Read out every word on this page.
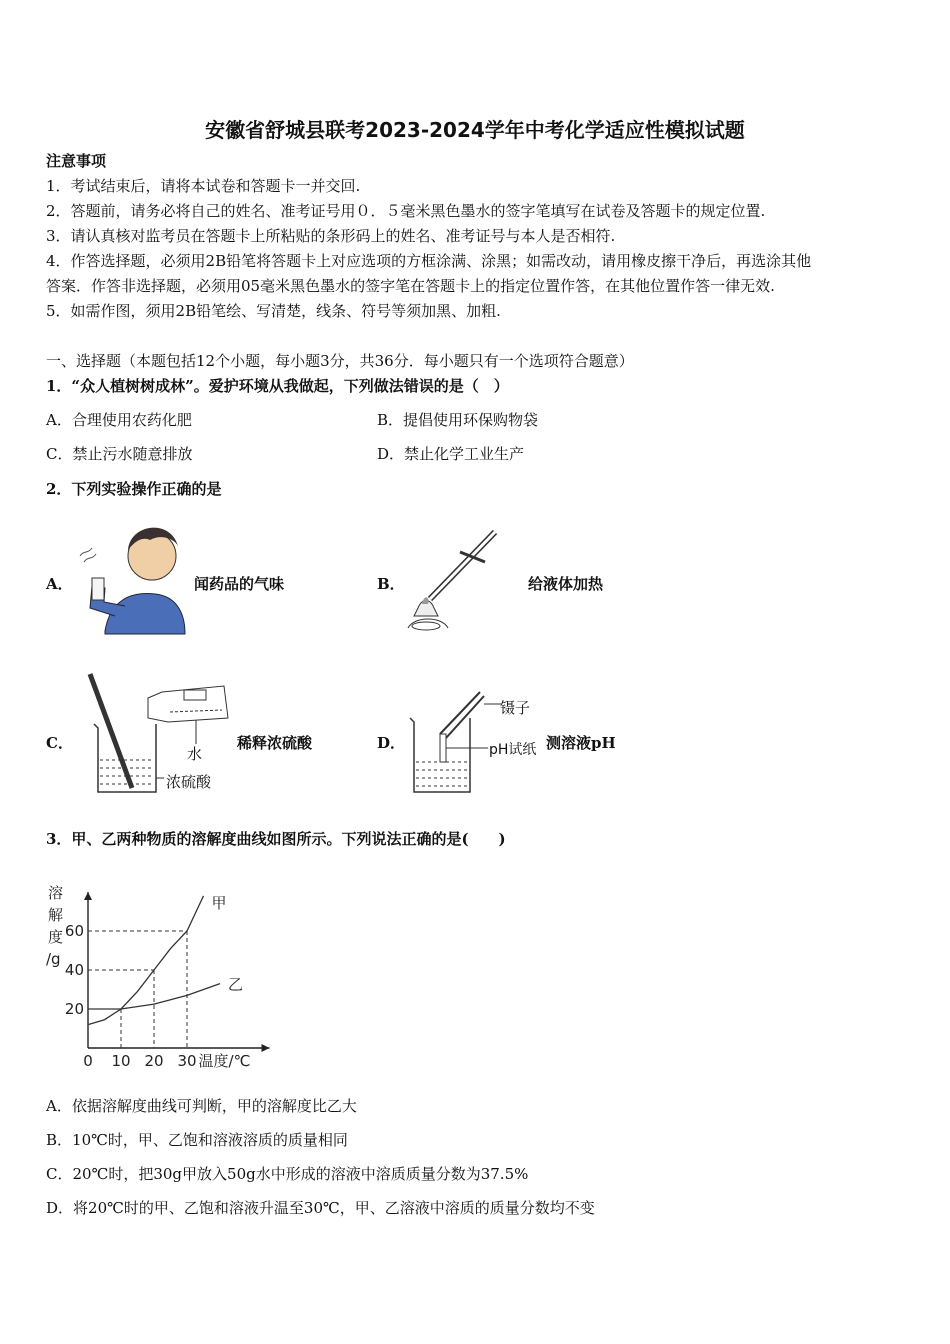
安徽省舒城县联考2023-2024学年中考化学适应性模拟试题
注意事项
1．考试结束后，请将本试卷和答题卡一并交回.
2．答题前，请务必将自己的姓名、准考证号用０．５毫米黑色墨水的签字笔填写在试卷及答题卡的规定位置.
3．请认真核对监考员在答题卡上所粘贴的条形码上的姓名、准考证号与本人是否相符.
4．作答选择题，必须用2B铅笔将答题卡上对应选项的方框涂满、涂黑；如需改动，请用橡皮擦干净后，再选涂其他
答案．作答非选择题，必须用05毫米黑色墨水的签字笔在答题卡上的指定位置作答，在其他位置作答一律无效.
5．如需作图，须用2B铅笔绘、写清楚，线条、符号等须加黑、加粗.
一、选择题（本题包括12个小题，每小题3分，共36分．每小题只有一个选项符合题意）
1．“众人植树树成林”。爱护环境从我做起，下列做法错误的是（　）
A．合理使用农药化肥	B．提倡使用环保购物袋
C．禁止污水随意排放	D．禁止化学工业生产
2．下列实验操作正确的是
A．	闻药品的气味	B．	给液体加热
C．
水
浓硫酸
稀释浓硫酸	D．
镊子
pH试纸 测溶液pH
3．甲、乙两种物质的溶解度曲线如图所示。下列说法正确的是(　　)
甲
乙
0 10 20 30
20
40
60
溶
解
度
/g
温度/℃
A．依据溶解度曲线可判断，甲的溶解度比乙大
B．10℃时，甲、乙饱和溶液溶质的质量相同
C．20℃时，把30g甲放入50g水中形成的溶液中溶质质量分数为37.5%
D．将20℃时的甲、乙饱和溶液升温至30℃，甲、乙溶液中溶质的质量分数均不变
